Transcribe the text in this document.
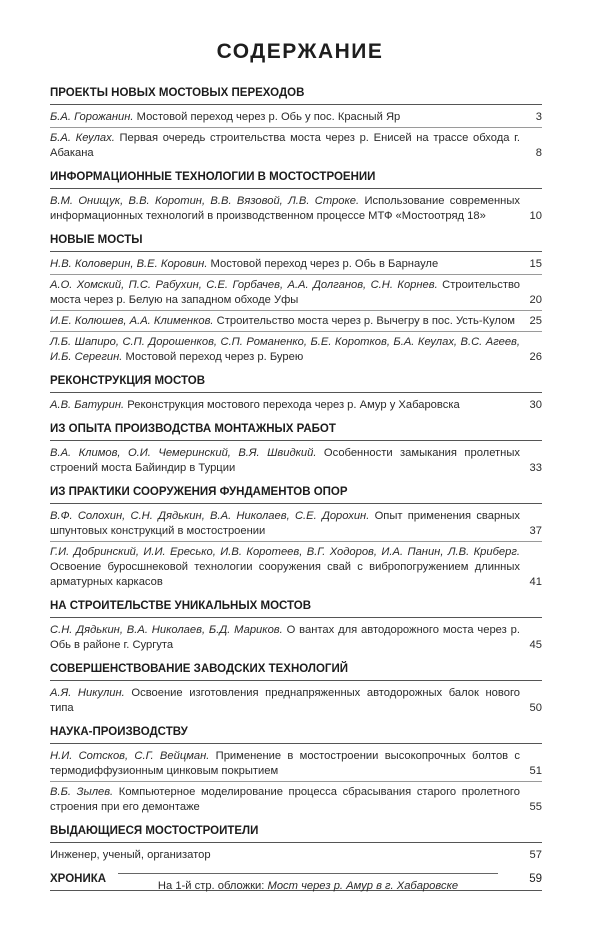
СОДЕРЖАНИЕ
ПРОЕКТЫ НОВЫХ МОСТОВЫХ ПЕРЕХОДОВ
Б.А. Горожанин. Мостовой переход через р. Обь у пос. Красный Яр	3
Б.А. Кеулах. Первая очередь строительства моста через р. Енисей на трассе обхода г. Абакана	8
ИНФОРМАЦИОННЫЕ ТЕХНОЛОГИИ В МОСТОСТРОЕНИИ
В.М. Онищук, В.В. Коротин, В.В. Вязовой, Л.В. Строке. Использование современных информационных технологий в производственном процессе МТФ «Мостоотряд 18»	10
НОВЫЕ МОСТЫ
Н.В. Коловерин, В.Е. Коровин. Мостовой переход через р. Обь в Барнауле	15
А.О. Хомский, П.С. Рабухин, С.Е. Горбачев, А.А. Долганов, С.Н. Корнев. Строительство моста через р. Белую на западном обходе Уфы	20
И.Е. Колюшев, А.А. Клименков. Строительство моста через р. Вычегру в пос. Усть-Кулом 25
Л.Б. Шапиро, С.П. Дорошенков, С.П. Романенко, Б.Е. Коротков, Б.А. Кеулах, В.С. Агеев, И.Б. Серегин. Мостовой переход через р. Бурею	26
РЕКОНСТРУКЦИЯ МОСТОВ
А.В. Батурин. Реконструкция мостового перехода через р. Амур у Хабаровска	30
ИЗ ОПЫТА ПРОИЗВОДСТВА МОНТАЖНЫХ РАБОТ
В.А. Климов, О.И. Чемеринский, В.Я. Швидкий. Особенности замыкания пролетных строений моста Байиндир в Турции	33
ИЗ ПРАКТИКИ СООРУЖЕНИЯ ФУНДАМЕНТОВ ОПОР
В.Ф. Солохин, С.Н. Дядькин, В.А. Николаев, С.Е. Дорохин. Опыт применения сварных шпунтовых конструкций в мостостроении	37
Г.И. Добринский, И.И. Ересько, И.В. Коротеев, В.Г. Ходоров, И.А. Панин, Л.В. Криберг. Освоение буросшнековой технологии сооружения свай с вибропогружением длинных арматурных каркасов	41
НА СТРОИТЕЛЬСТВЕ УНИКАЛЬНЫХ МОСТОВ
С.Н. Дядькин, В.А. Николаев, Б.Д. Мариков. О вантах для автодорожного моста через р. Обь в районе г. Сургута	45
СОВЕРШЕНСТВОВАНИЕ ЗАВОДСКИХ ТЕХНОЛОГИЙ
А.Я. Никулин. Освоение изготовления преднапряженных автодорожных балок нового типа	50
НАУКА-ПРОИЗВОДСТВУ
Н.И. Сотсков, С.Г. Вейцман. Применение в мостостроении высокопрочных болтов с термодиффузионным цинковым покрытием	51
В.Б. Зылев. Компьютерное моделирование процесса сбрасывания старого пролетного строения при его демонтаже	55
ВЫДАЮЩИЕСЯ МОСТОСТРОИТЕЛИ
Инженер, ученый, организатор	57
ХРОНИКА	59
На 1-й стр. обложки: Мост через р. Амур в г. Хабаровске
